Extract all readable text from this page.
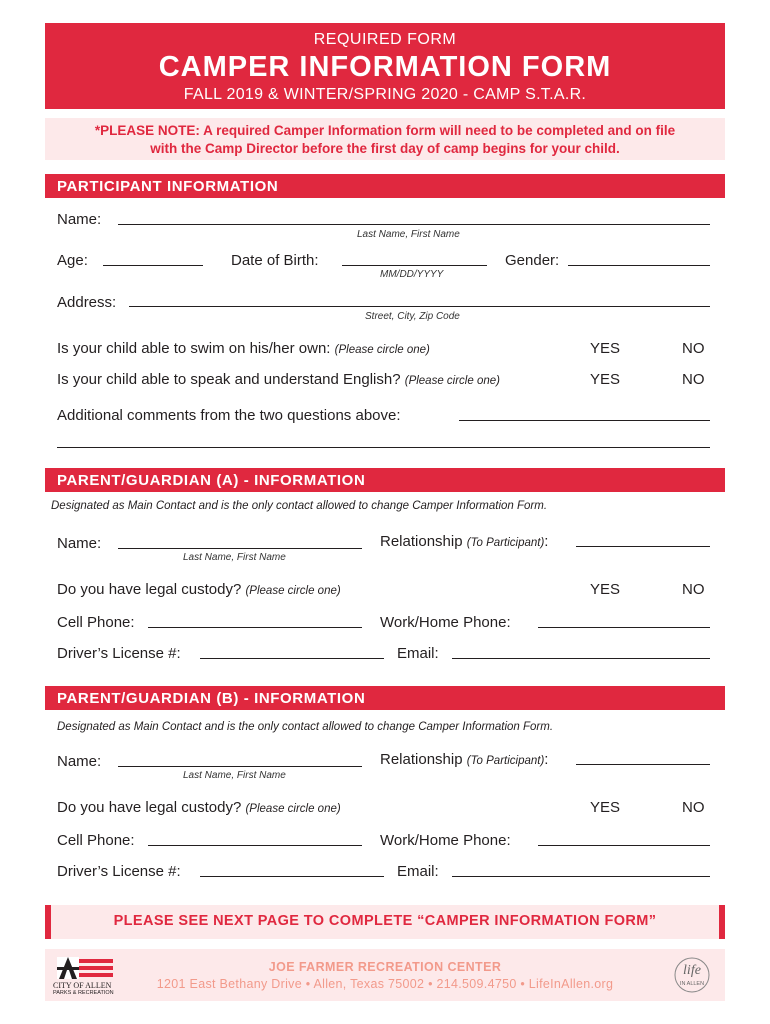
REQUIRED FORM
CAMPER INFORMATION FORM
FALL 2019 & WINTER/SPRING 2020 - CAMP S.T.A.R.
*PLEASE NOTE: A required Camper Information form will need to be completed and on file
with the Camp Director before the first day of camp begins for your child.
PARTICIPANT INFORMATION
Name:
Last Name, First Name
Age:	Date of Birth:
MM/DD/YYYY
Gender:
Address:
Street, City, Zip Code
Is your child able to swim on his/her own: (Please circle one)	YES	NO
Is your child able to speak and understand English? (Please circle one)	YES	NO
Additional comments from the two questions above:
PARENT/GUARDIAN (A) - INFORMATION
Designated as Main Contact and is the only contact allowed to change Camper Information Form.
Name:
Last Name, First Name
Relationship (To Participant):
Do you have legal custody? (Please circle one)	YES	NO
Cell Phone:	Work/Home Phone:
Driver’s License #:	Email:
PARENT/GUARDIAN (B) - INFORMATION
Designated as Main Contact and is the only contact allowed to change Camper Information Form.
Name:
Last Name, First Name
Relationship (To Participant):
Do you have legal custody? (Please circle one)	YES	NO
Cell Phone:	Work/Home Phone:
Driver’s License #:	Email:
PLEASE SEE NEXT PAGE TO COMPLETE “CAMPER INFORMATION FORM”
CITY OF ALLEN
PARKS & RECREATION
JOE FARMER RECREATION CENTER
1201 East Bethany Drive • Allen, Texas 75002 • 214.509.4750 • LifeInAllen.org
life
IN ALLEN
